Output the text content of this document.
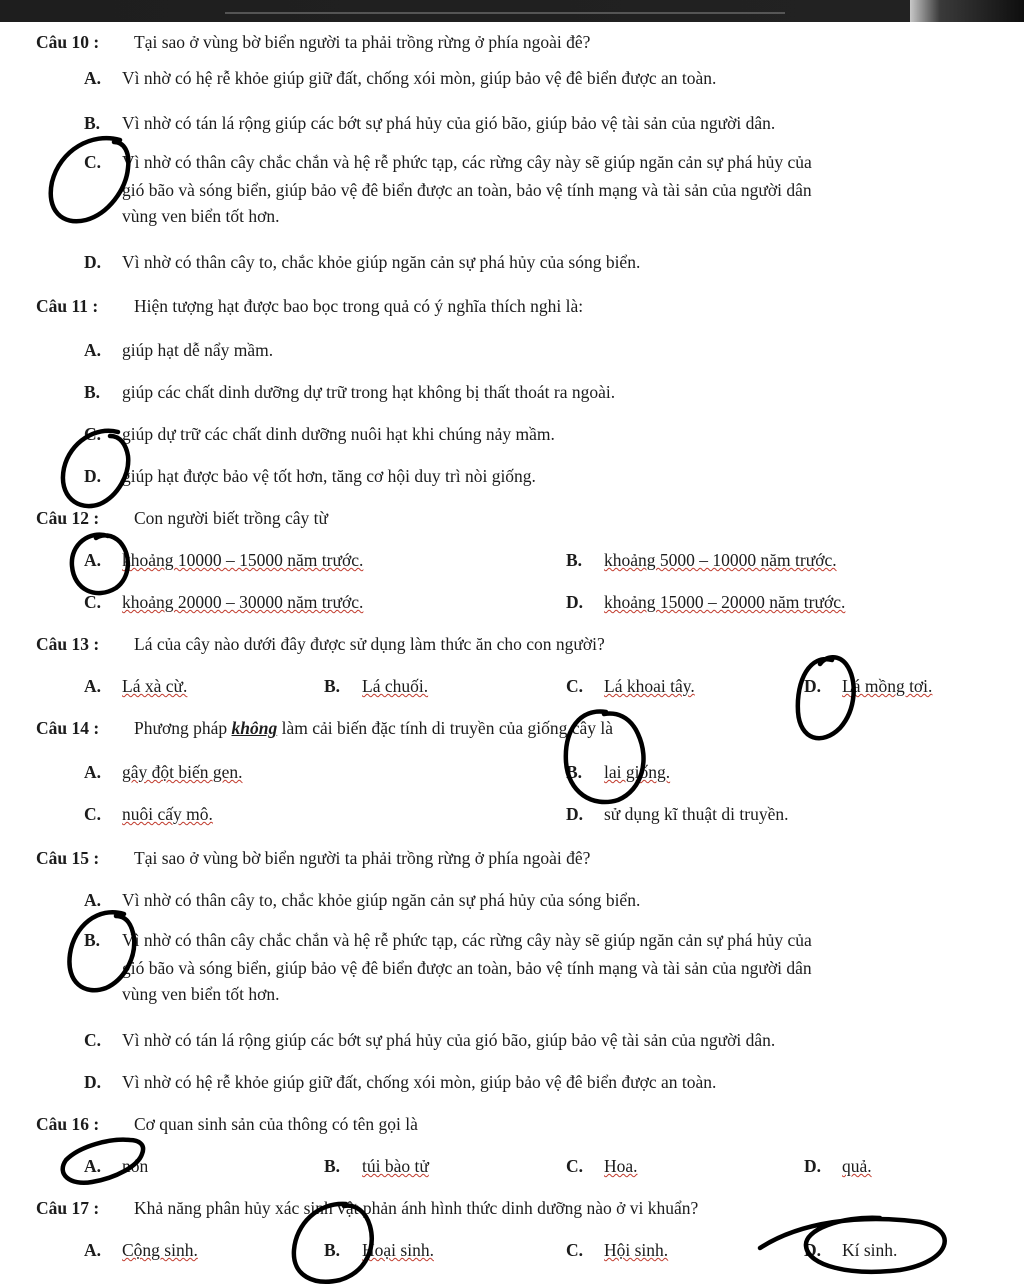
Câu 10 : Tại sao ở vùng bờ biển người ta phải trồng rừng ở phía ngoài đê?
A. Vì nhờ có hệ rễ khỏe giúp giữ đất, chống xói mòn, giúp bảo vệ đê biển được an toàn.
B. Vì nhờ có tán lá rộng giúp các bớt sự phá hủy của gió bão, giúp bảo vệ tài sản của người dân.
C. Vì nhờ có thân cây chắc chắn và hệ rễ phức tạp, các rừng cây này sẽ giúp ngăn cản sự phá hủy của
gió bão và sóng biển, giúp bảo vệ đê biển được an toàn, bảo vệ tính mạng và tài sản của người dân
vùng ven biển tốt hơn.
D. Vì nhờ có thân cây to, chắc khỏe giúp ngăn cản sự phá hủy của sóng biển.
Câu 11 : Hiện tượng hạt được bao bọc trong quả có ý nghĩa thích nghi là:
A. giúp hạt dễ nẩy mầm.
B. giúp các chất dinh dưỡng dự trữ trong hạt không bị thất thoát ra ngoài.
C. giúp dự trữ các chất dinh dưỡng nuôi hạt khi chúng nảy mầm.
D. giúp hạt được bảo vệ tốt hơn, tăng cơ hội duy trì nòi giống.
Câu 12 : Con người biết trồng cây từ
A. khoảng 10000 – 15000 năm trước.	B. khoảng 5000 – 10000 năm trước.
C. khoảng 20000 – 30000 năm trước.	D. khoảng 15000 – 20000 năm trước.
Câu 13 : Lá của cây nào dưới đây được sử dụng làm thức ăn cho con người?
A. Lá xà cừ.	B. Lá chuối.	C. Lá khoai tây.	D. Lá mồng tơi.
Câu 14 : Phương pháp không làm cải biến đặc tính di truyền của giống cây là
A. gây đột biến gen.	B. lai giống.
C. nuôi cấy mô.	D. sử dụng kĩ thuật di truyền.
Câu 15 : Tại sao ở vùng bờ biển người ta phải trồng rừng ở phía ngoài đê?
A. Vì nhờ có thân cây to, chắc khỏe giúp ngăn cản sự phá hủy của sóng biển.
B. Vì nhờ có thân cây chắc chắn và hệ rễ phức tạp, các rừng cây này sẽ giúp ngăn cản sự phá hủy của
gió bão và sóng biển, giúp bảo vệ đê biển được an toàn, bảo vệ tính mạng và tài sản của người dân
vùng ven biển tốt hơn.
C. Vì nhờ có tán lá rộng giúp các bớt sự phá hủy của gió bão, giúp bảo vệ tài sản của người dân.
D. Vì nhờ có hệ rễ khỏe giúp giữ đất, chống xói mòn, giúp bảo vệ đê biển được an toàn.
Câu 16 : Cơ quan sinh sản của thông có tên gọi là
A. nón	B. túi bào tử	C. Hoa.	D. quả.
Câu 17 : Khả năng phân hủy xác sinh vật phản ánh hình thức dinh dưỡng nào ở vi khuẩn?
A. Cộng sinh.	B. Hoại sinh.	C. Hội sinh.	D. Kí sinh.
